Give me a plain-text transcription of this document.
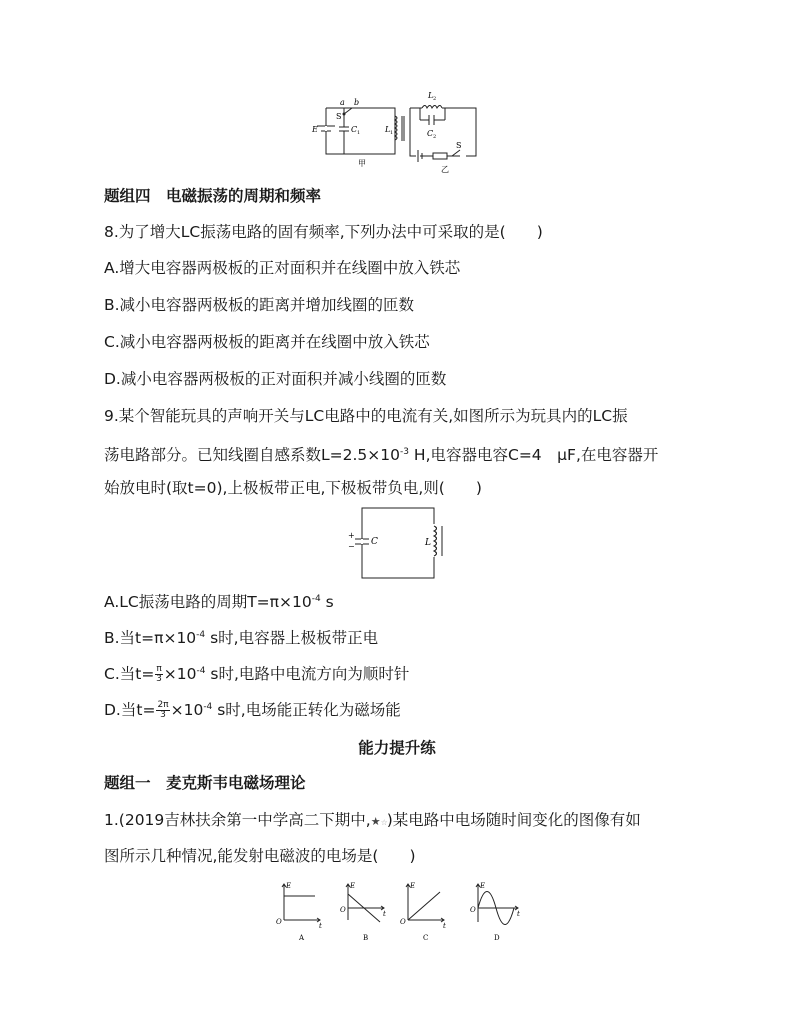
a b
E
S
C 1	L 1
甲
L 2
C 2
S
乙
题组四　电磁振荡的周期和频率
8.为了增大LC振荡电路的固有频率,下列办法中可采取的是(　　)
A.增大电容器两极板的正对面积并在线圈中放入铁芯
B.减小电容器两极板的距离并增加线圈的匝数
C.减小电容器两极板的距离并在线圈中放入铁芯
D.减小电容器两极板的正对面积并减小线圈的匝数
9.某个智能玩具的声响开关与LC电路中的电流有关,如图所示为玩具内的LC振
荡电路部分。已知线圈自感系数$L=2.5\times 10^{-3}$ H,电容器电容C=4　μF,在电容器开
始放电时(取t=0),上极板带正电,下极板带负电,则(　　)
+
− C	L
A.LC振荡电路的周期$T=\pi\times 10^{-4}$ s
B.当$t=\pi\times 10^{-4}$ s时,电容器上极板带正电
C.当$t= \frac{\pi}{3} \times 10^{-4}$ s时,电路中电流方向为顺时针
D.当$t= \frac{2\pi}{3} \times 10^{-4}$ s时,电场能正转化为磁场能
能力提升练
题组一　麦克斯韦电磁场理论
1.(2019吉林扶余第一中学高二下期中,★☆)某电路中电场随时间变化的图像有如
图所示几种情况,能发射电磁波的电场是(　　)
E
t
O
E
t
O
E
t
O
E
t
O
A	B	C	D
